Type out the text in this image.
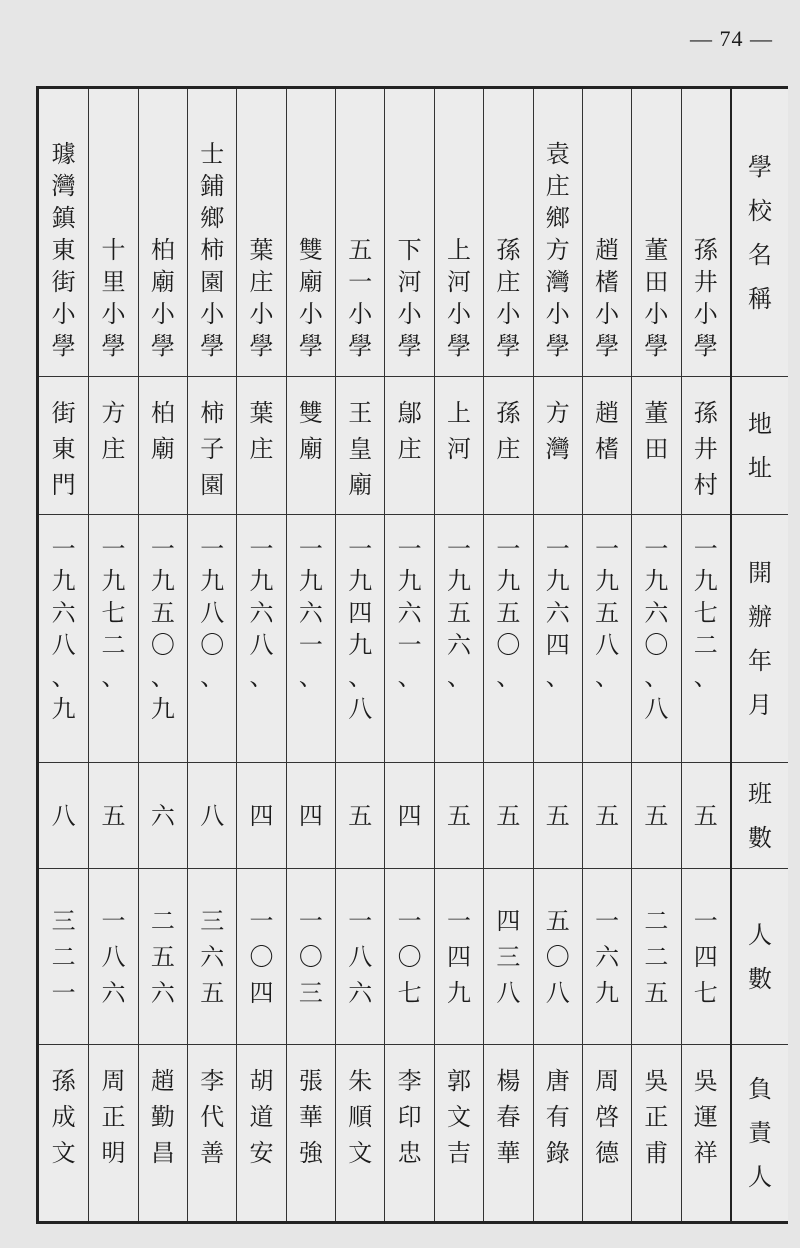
— 74 —
學
校
名
稱
地
址
開
辦
年
月
班
數
人
數
負
責
人
孫
井
小
學
孫
井
村
一
九
七
二
、
五
一
四
七
吳
運
祥
董
田
小
學
董
田
一
九
六
〇
、
八
五
二
二
五
吳
正
甫
趙
榰
小
學
趙
榰
一
九
五
八
、
五
一
六
九
周
啓
德
袁
庄
鄉
方
灣
小
學
方
灣
一
九
六
四
、
五
五
〇
八
唐
有
錄
孫
庄
小
學
孫
庄
一
九
五
〇
、
五
四
三
八
楊
春
華
上
河
小
學
上
河
一
九
五
六
、
五
一
四
九
郭
文
吉
下
河
小
學
鄔
庄
一
九
六
一
、
四
一
〇
七
李
印
忠
五
一
小
學
王
皇
廟
一
九
四
九
、
八
五
一
八
六
朱
順
文
雙
廟
小
學
雙
廟
一
九
六
一
、
四
一
〇
三
張
華
強
葉
庄
小
學
葉
庄
一
九
六
八
、
四
一
〇
四
胡
道
安
士
鋪
鄉
柿
園
小
學
柿
子
園
一
九
八
〇
、
八
三
六
五
李
代
善
柏
廟
小
學
柏
廟
一
九
五
〇
、
九
六
二
五
六
趙
勤
昌
十
里
小
學
方
庄
一
九
七
二
、
五
一
八
六
周
正
明
璩
灣
鎮
東
街
小
學
街
東
門
一
九
六
八
、
九
八
三
二
一
孫
成
文
